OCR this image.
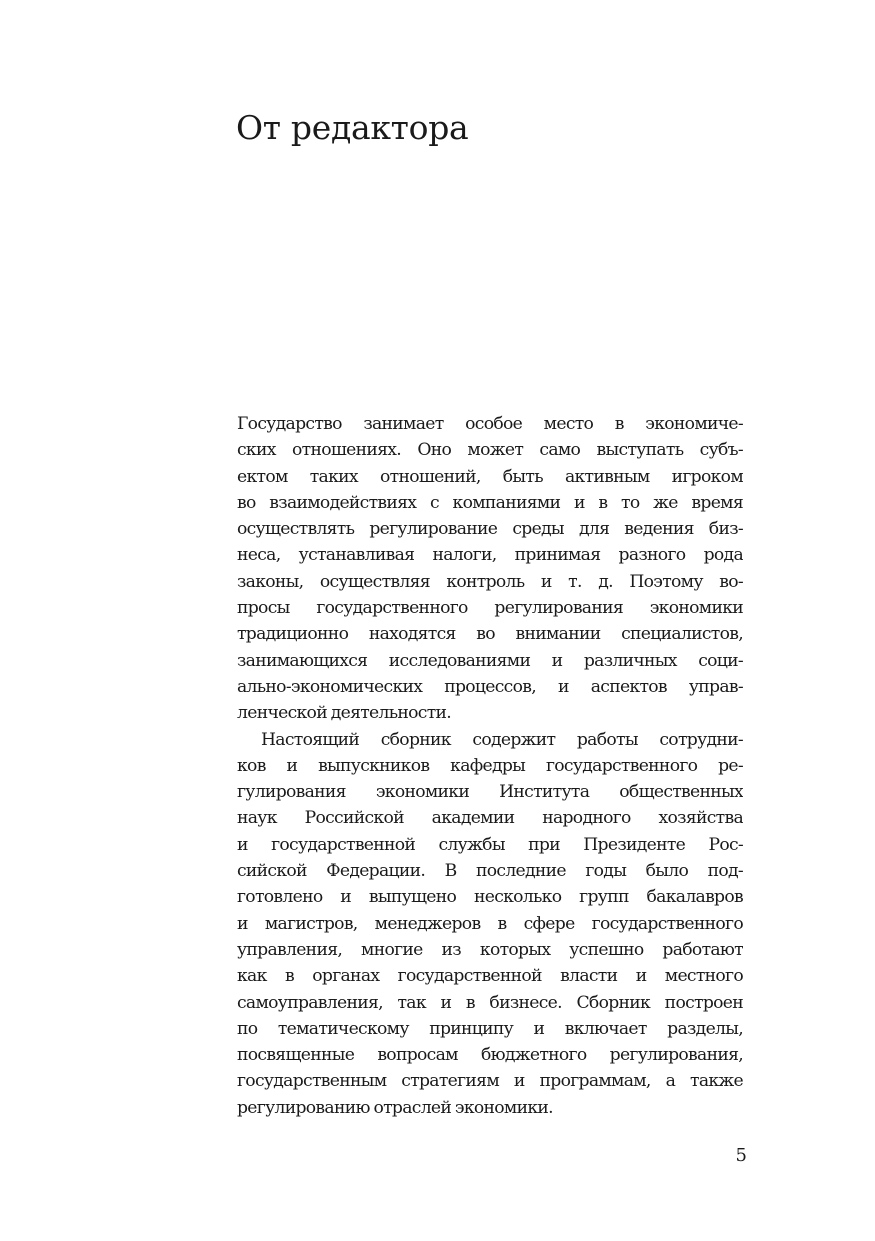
От редактора
Государство занимает особое место в экономиче-
ских отношениях. Оно может само выступать субъ-
ектом таких отношений, быть активным игроком
во взаимодействиях с компаниями и в то же время
осуществлять регулирование среды для ведения биз-
неса, устанавливая налоги, принимая разного рода
законы, осуществляя контроль и т. д. Поэтому во-
просы государственного регулирования экономики
традиционно находятся во внимании специалистов,
занимающихся исследованиями и различных соци-
ально-экономических процессов, и аспектов управ-
ленческой деятельности.
Настоящий сборник содержит работы сотрудни-
ков и выпускников кафедры государственного ре-
гулирования экономики Института общественных
наук Российской академии народного хозяйства
и государственной службы при Президенте Рос-
сийской Федерации. В последние годы было под-
готовлено и выпущено несколько групп бакалавров
и магистров, менеджеров в сфере государственного
управления, многие из которых успешно работают
как в органах государственной власти и местного
самоуправления, так и в бизнесе. Сборник построен
по тематическому принципу и включает разделы,
посвященные вопросам бюджетного регулирования,
государственным стратегиям и программам, а также
регулированию отраслей экономики.
5
